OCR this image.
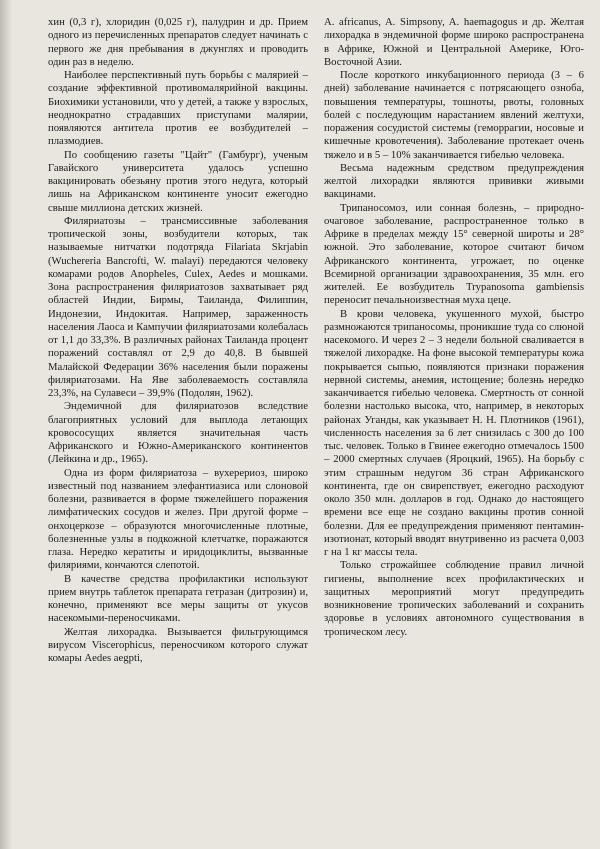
хин (0,3 г), хлоридин (0,025 г), палудрин и др. Прием одного из перечисленных препаратов следует начинать с первого же дня пребывания в джунглях и проводить один раз в неделю.

Наиболее перспективный путь борьбы с малярией – создание эффективной противомалярийной вакцины. Биохимики установили, что у детей, а также у взрослых, неоднократно страдавших приступами малярии, появляются антитела против ее возбудителей – плазмодиев.

По сообщению газеты "Цайт" (Гамбург), ученым Гавайского университета удалось успешно вакцинировать обезьяну против этого недуга, который лишь на Африканском континенте уносит ежегодно свыше миллиона детских жизней.

Филяриатозы – трансмиссивные заболевания тропической зоны, возбудители которых, так называемые нитчатки подотряда Filariata Skrjabin (Wuchereria Bancrofti, W. malayi) передаются человеку комарами родов Anopheles, Culex, Aedes и мошками. Зона распространения филяриатозов захватывает ряд областей Индии, Бирмы, Таиланда, Филиппин, Индонезии, Индокитая. Например, зараженность населения Лаоса и Кампучии филяриатозами колебалась от 1,1 до 33,3%. В различных районах Таиланда процент поражений составлял от 2,9 до 40,8. В бывшей Малайской Федерации 36% населения были поражены филяриатозами. На Яве заболеваемость составляла 23,3%, на Сулавеси – 39,9% (Подолян, 1962).

Эндемичной для филяриатозов вследствие благоприятных условий для выплода летающих кровососущих является значительная часть Африканского и Южно-Американского континентов (Лейкина и др., 1965).

Одна из форм филяриатоза – вухерериоз, широко известный под названием элефантиазиса или слоновой болезни, развивается в форме тяжелейшего поражения лимфатических сосудов и желез. При другой форме – онхоцеркозе – образуются многочисленные плотные, болезненные узлы в подкожной клетчатке, поражаются глаза. Нередко кератиты и иридоциклиты, вызванные филяриями, кончаются слепотой.

В качестве средства профилактики используют прием внутрь таблеток препарата гетразан (дитрозин) и, конечно, применяют все меры защиты от укусов насекомыми-переносчиками.

Желтая лихорадка. Вызывается фильтрующимся вирусом Viscerophicus, переносчиком которого служат комары Aedes aegpti,

A. africanus, A. Simpsony, A. haemagogus и др. Желтая лихорадка в эндемичной форме широко распространена в Африке, Южной и Центральной Америке, Юго-Восточной Азии.

После короткого инкубационного периода (3 – 6 дней) заболевание начинается с потрясающего озноба, повышения температуры, тошноты, рвоты, головных болей с последующим нарастанием явлений желтухи, поражения сосудистой системы (геморрагии, носовые и кишечные кровотечения). Заболевание протекает очень тяжело и в 5 – 10% заканчивается гибелью человека.

Весьма надежным средством предупреждения желтой лихорадки являются прививки живыми вакцинами.

Трипаносомоз, или сонная болезнь, – природно-очаговое заболевание, распространенное только в Африке в пределах между 15° северной широты и 28° южной. Это заболевание, которое считают бичом Африканского континента, угрожает, по оценке Всемирной организации здравоохранения, 35 млн. его жителей. Ее возбудитель Trypanosoma gambiensis переносит печальноизвестная муха цеце.

В крови человека, укушенного мухой, быстро размножаются трипаносомы, проникшие туда со слюной насекомого. И через 2 – 3 недели больной сваливается в тяжелой лихорадке. На фоне высокой температуры кожа покрывается сыпью, появляются признаки поражения нервной системы, анемия, истощение; болезнь нередко заканчивается гибелью человека. Смертность от сонной болезни настолько высока, что, например, в некоторых районах Уганды, как указывает Н. Н. Плотников (1961), численность населения за 6 лет снизилась с 300 до 100 тыс. человек. Только в Гвинее ежегодно отмечалось 1500 – 2000 смертных случаев (Яроцкий, 1965). На борьбу с этим страшным недугом 36 стран Африканского континента, где он свирепствует, ежегодно расходуют около 350 млн. долларов в год. Однако до настоящего времени все еще не создано вакцины против сонной болезни. Для ее предупреждения применяют пентамин-изотионат, который вводят внутривенно из расчета 0,003 г на 1 кг массы тела.

Только строжайшее соблюдение правил личной гигиены, выполнение всех профилактических и защитных мероприятий могут предупредить возникновение тропических заболеваний и сохранить здоровье в условиях автономного существования в тропическом лесу.
